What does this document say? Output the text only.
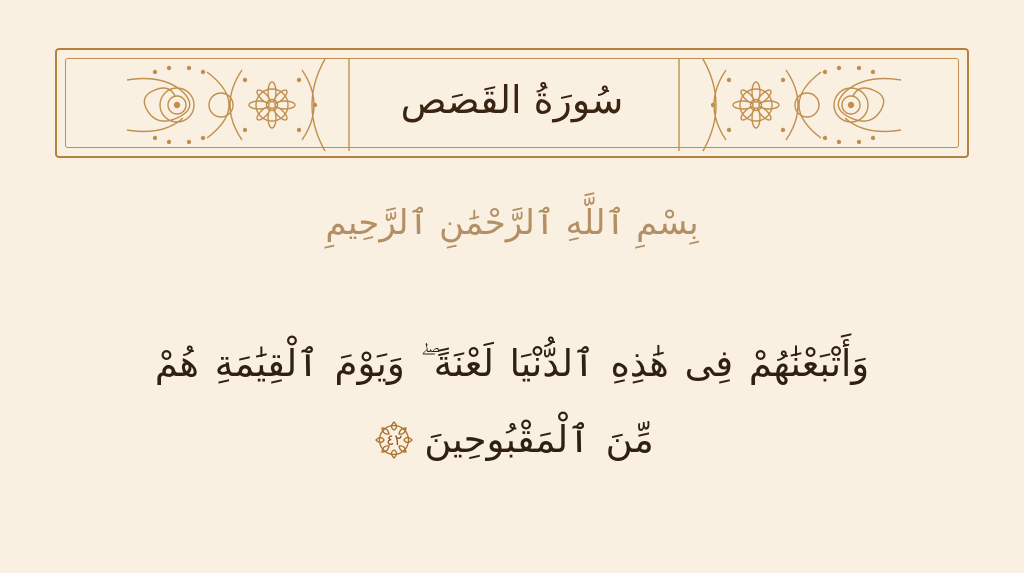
سُورَةُ القَصَص
بِسْمِ ٱللَّهِ ٱلرَّحْمَٰنِ ٱلرَّحِيمِ
وَأَتْبَعْنَٰهُمْ فِى هَٰذِهِ ٱلدُّنْيَا لَعْنَةً ۖ وَيَوْمَ ٱلْقِيَٰمَةِ هُمْ
مِّنَ ٱلْمَقْبُوحِينَ
٤٢
